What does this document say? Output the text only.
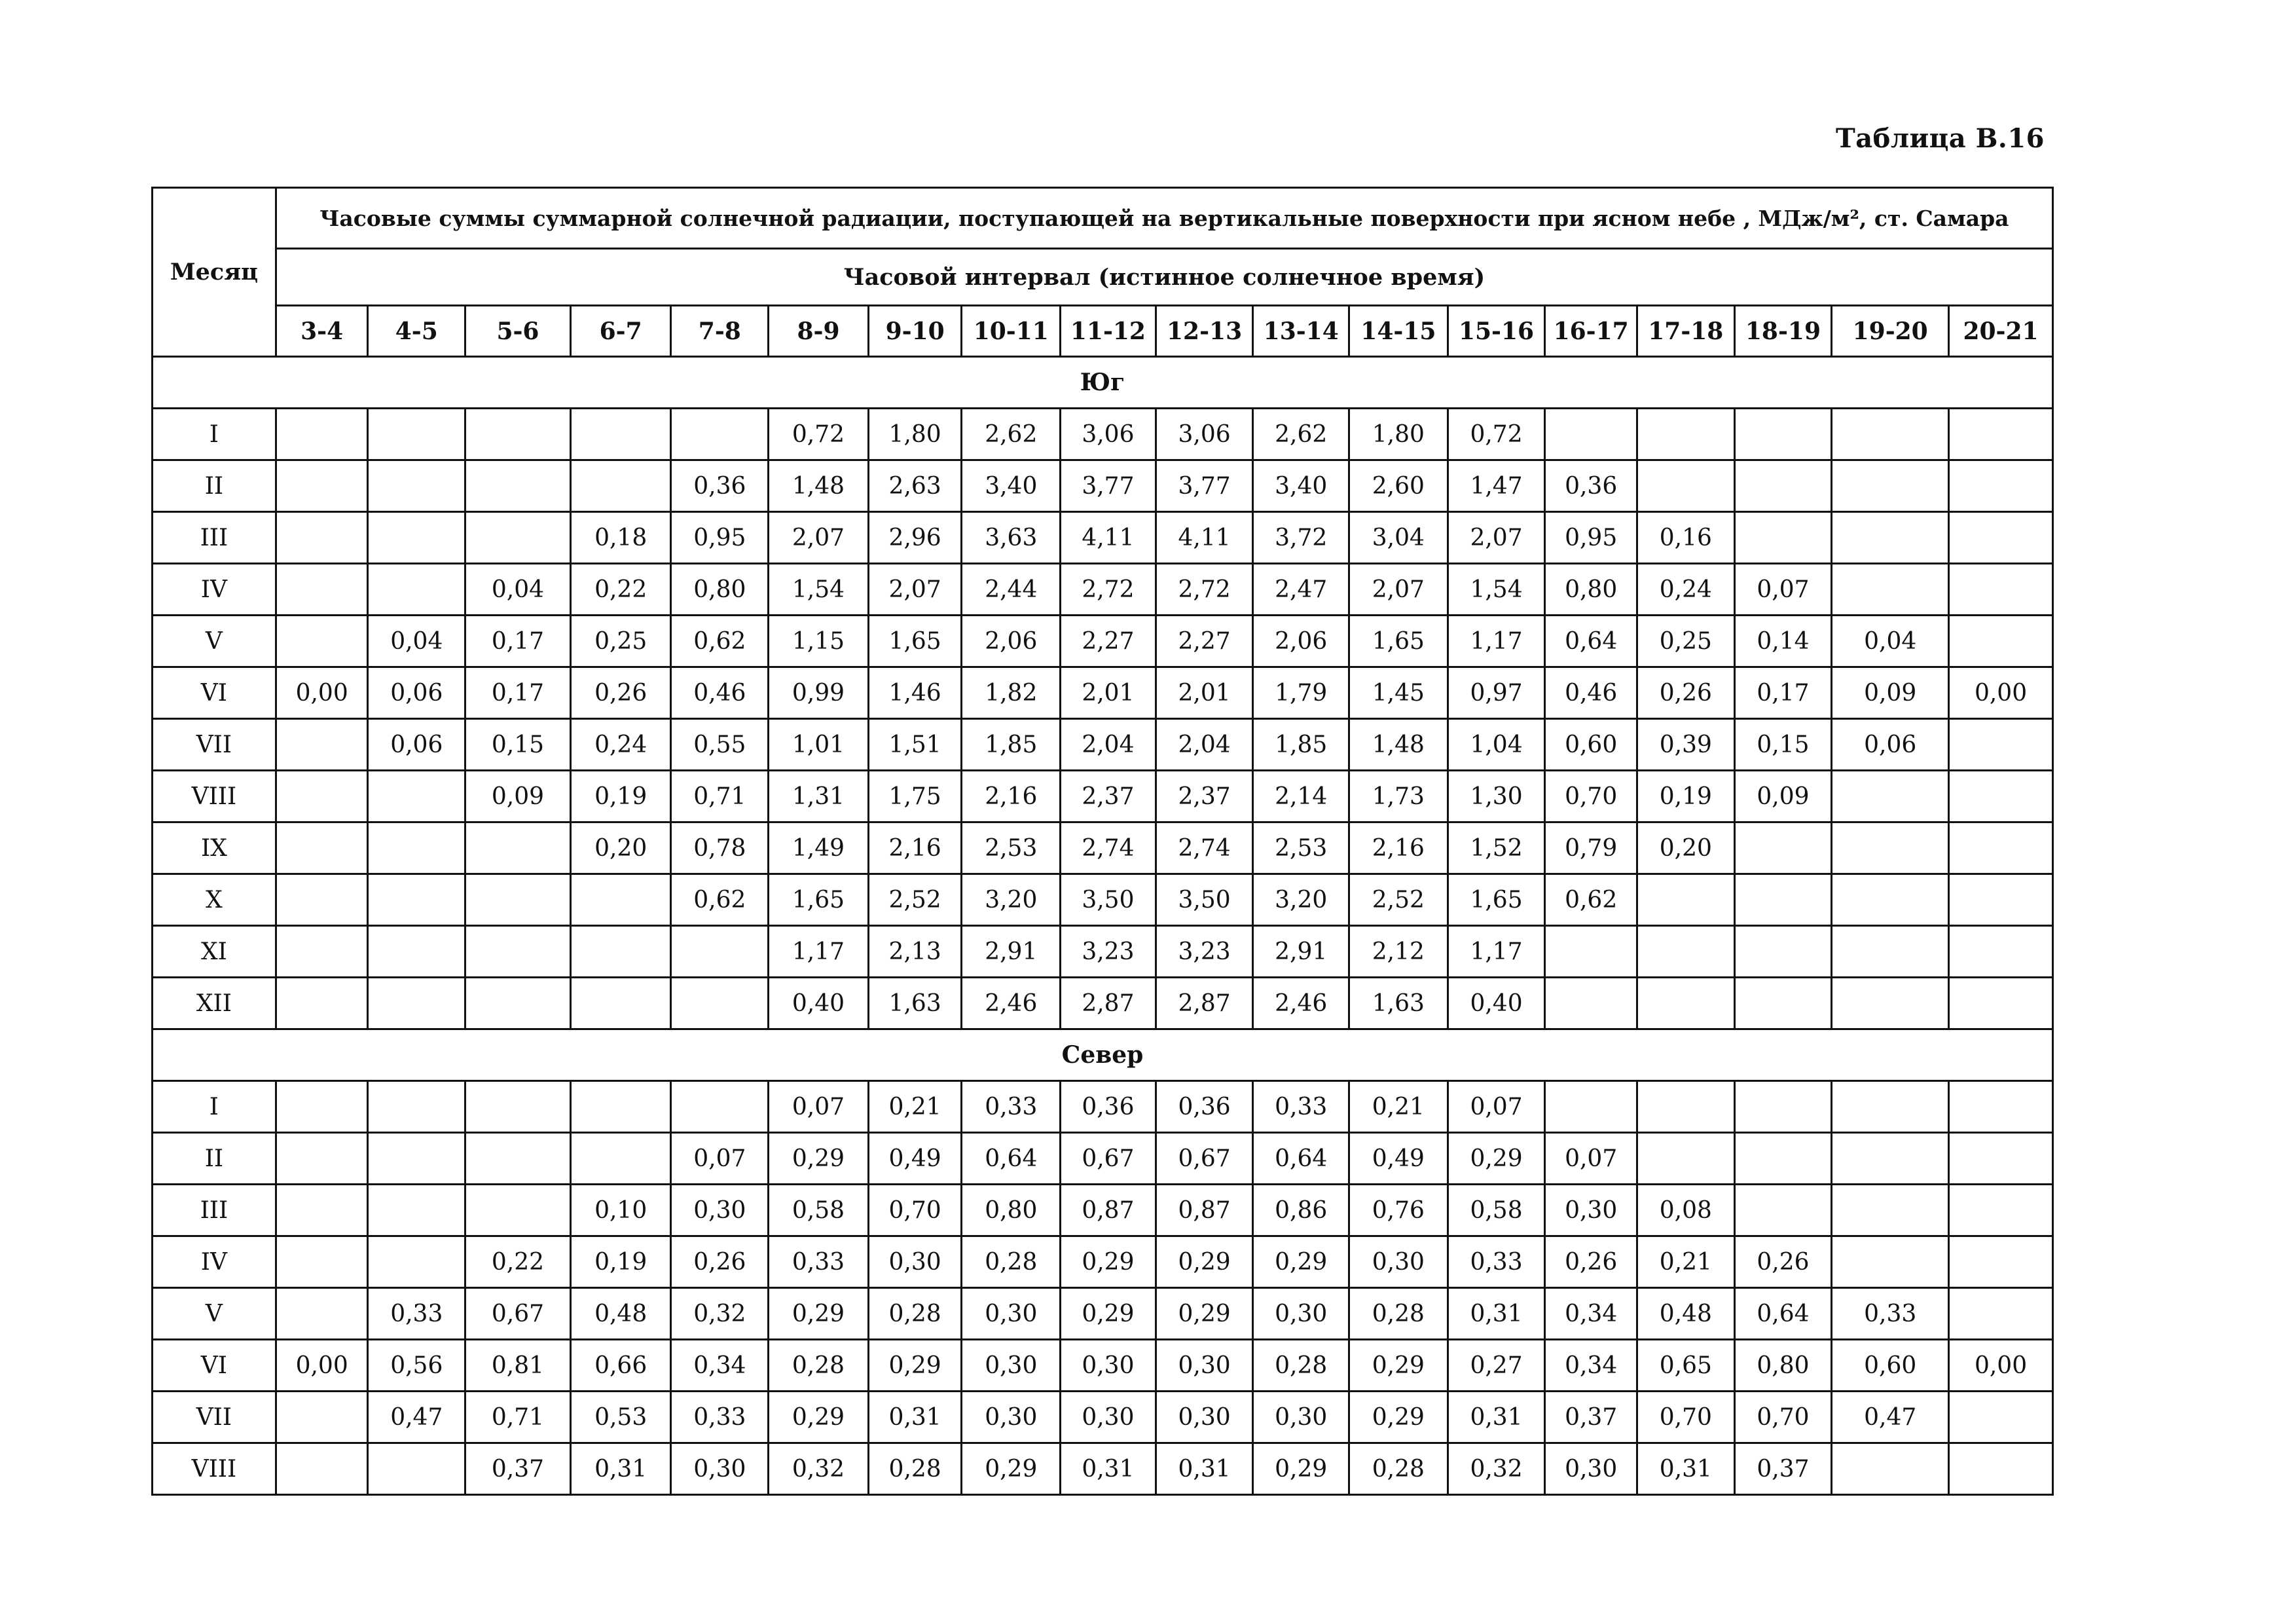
Таблица В.16
Месяц	Часовые суммы суммарной солнечной радиации, поступающей на вертикальные поверхности при ясном небе , МДж/м², ст. Самара																	
	Часовой интервал (истинное солнечное время)																	
	3-4	4-5	5-6	6-7	7-8	8-9	9-10	10-11	11-12	12-13	13-14	14-15	15-16	16-17	17-18	18-19	19-20	20-21
Юг																		
I						0,72	1,80	2,62	3,06	3,06	2,62	1,80	0,72					
II					0,36	1,48	2,63	3,40	3,77	3,77	3,40	2,60	1,47	0,36				
III				0,18	0,95	2,07	2,96	3,63	4,11	4,11	3,72	3,04	2,07	0,95	0,16			
IV			0,04	0,22	0,80	1,54	2,07	2,44	2,72	2,72	2,47	2,07	1,54	0,80	0,24	0,07		
V		0,04	0,17	0,25	0,62	1,15	1,65	2,06	2,27	2,27	2,06	1,65	1,17	0,64	0,25	0,14	0,04	
VI	0,00	0,06	0,17	0,26	0,46	0,99	1,46	1,82	2,01	2,01	1,79	1,45	0,97	0,46	0,26	0,17	0,09	0,00
VII		0,06	0,15	0,24	0,55	1,01	1,51	1,85	2,04	2,04	1,85	1,48	1,04	0,60	0,39	0,15	0,06	
VIII			0,09	0,19	0,71	1,31	1,75	2,16	2,37	2,37	2,14	1,73	1,30	0,70	0,19	0,09		
IX				0,20	0,78	1,49	2,16	2,53	2,74	2,74	2,53	2,16	1,52	0,79	0,20			
X					0,62	1,65	2,52	3,20	3,50	3,50	3,20	2,52	1,65	0,62				
XI						1,17	2,13	2,91	3,23	3,23	2,91	2,12	1,17					
XII						0,40	1,63	2,46	2,87	2,87	2,46	1,63	0,40					
Север																		
I						0,07	0,21	0,33	0,36	0,36	0,33	0,21	0,07					
II					0,07	0,29	0,49	0,64	0,67	0,67	0,64	0,49	0,29	0,07				
III				0,10	0,30	0,58	0,70	0,80	0,87	0,87	0,86	0,76	0,58	0,30	0,08			
IV			0,22	0,19	0,26	0,33	0,30	0,28	0,29	0,29	0,29	0,30	0,33	0,26	0,21	0,26		
V		0,33	0,67	0,48	0,32	0,29	0,28	0,30	0,29	0,29	0,30	0,28	0,31	0,34	0,48	0,64	0,33	
VI	0,00	0,56	0,81	0,66	0,34	0,28	0,29	0,30	0,30	0,30	0,28	0,29	0,27	0,34	0,65	0,80	0,60	0,00
VII		0,47	0,71	0,53	0,33	0,29	0,31	0,30	0,30	0,30	0,30	0,29	0,31	0,37	0,70	0,70	0,47	
VIII			0,37	0,31	0,30	0,32	0,28	0,29	0,31	0,31	0,29	0,28	0,32	0,30	0,31	0,37		
